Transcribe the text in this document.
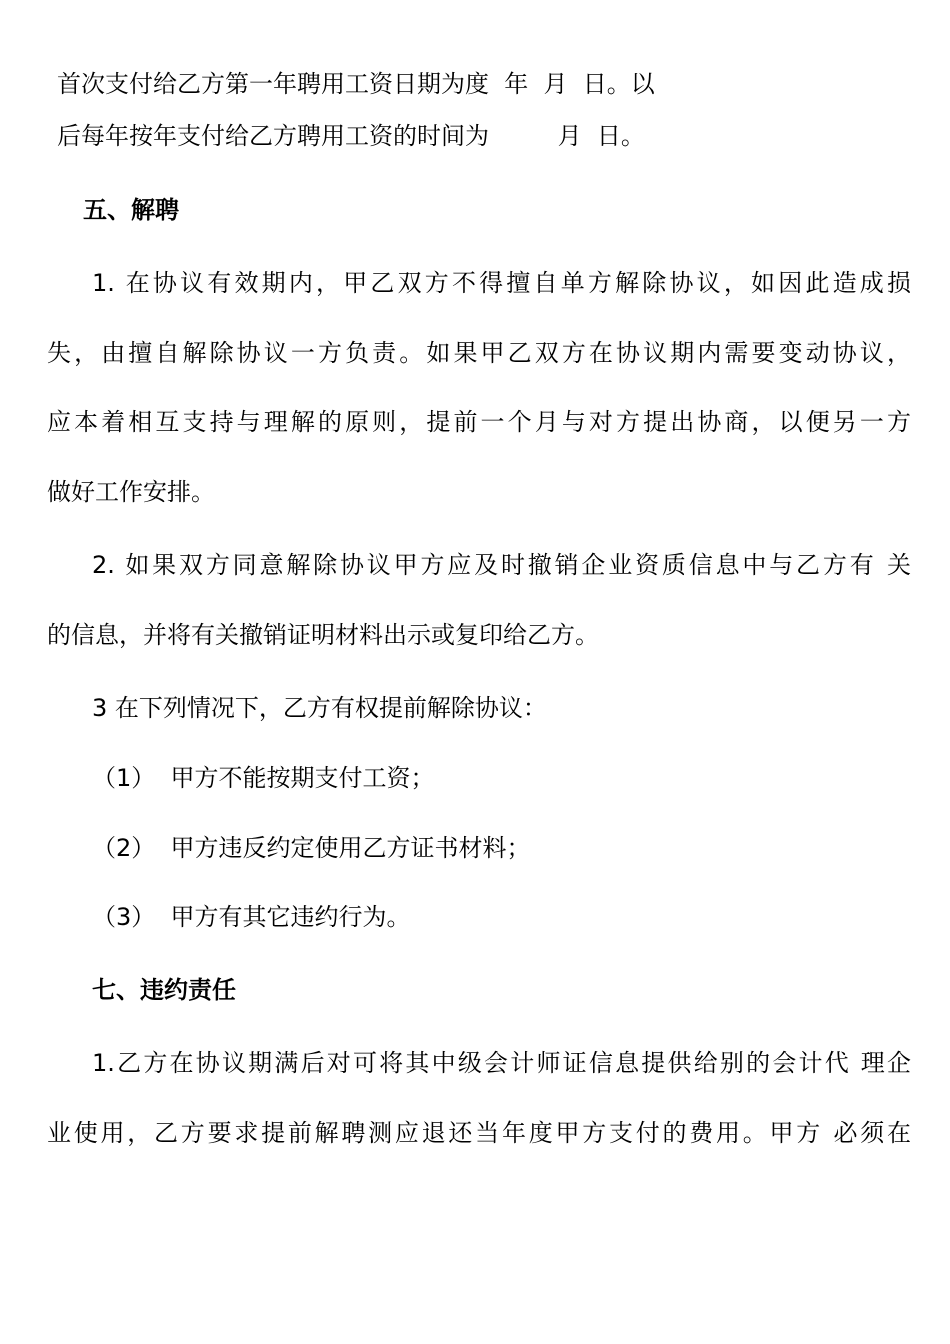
首次支付给乙方第一年聘用工资日期为度  年  月  日。以

后每年按年支付给乙方聘用工资的时间为         月  日。

五、解聘

1. 在协议有效期内，甲乙双方不得擅自单方解除协议，如因此造成损

失，由擅自解除协议一方负责。如果甲乙双方在协议期内需要变动协议，

应本着相互支持与理解的原则，提前一个月与对方提出协商，以便另一方

做好工作安排。

2. 如果双方同意解除协议甲方应及时撤销企业资质信息中与乙方有 关

的信息，并将有关撤销证明材料出示或复印给乙方。

3 在下列情况下，乙方有权提前解除协议：

（1）  甲方不能按期支付工资；

（2）  甲方违反约定使用乙方证书材料；

（3）  甲方有其它违约行为。

七、违约责任

1.乙方在协议期满后对可将其中级会计师证信息提供给别的会计代 理企

业使用，乙方要求提前解聘测应退还当年度甲方支付的费用。甲方 必须在
